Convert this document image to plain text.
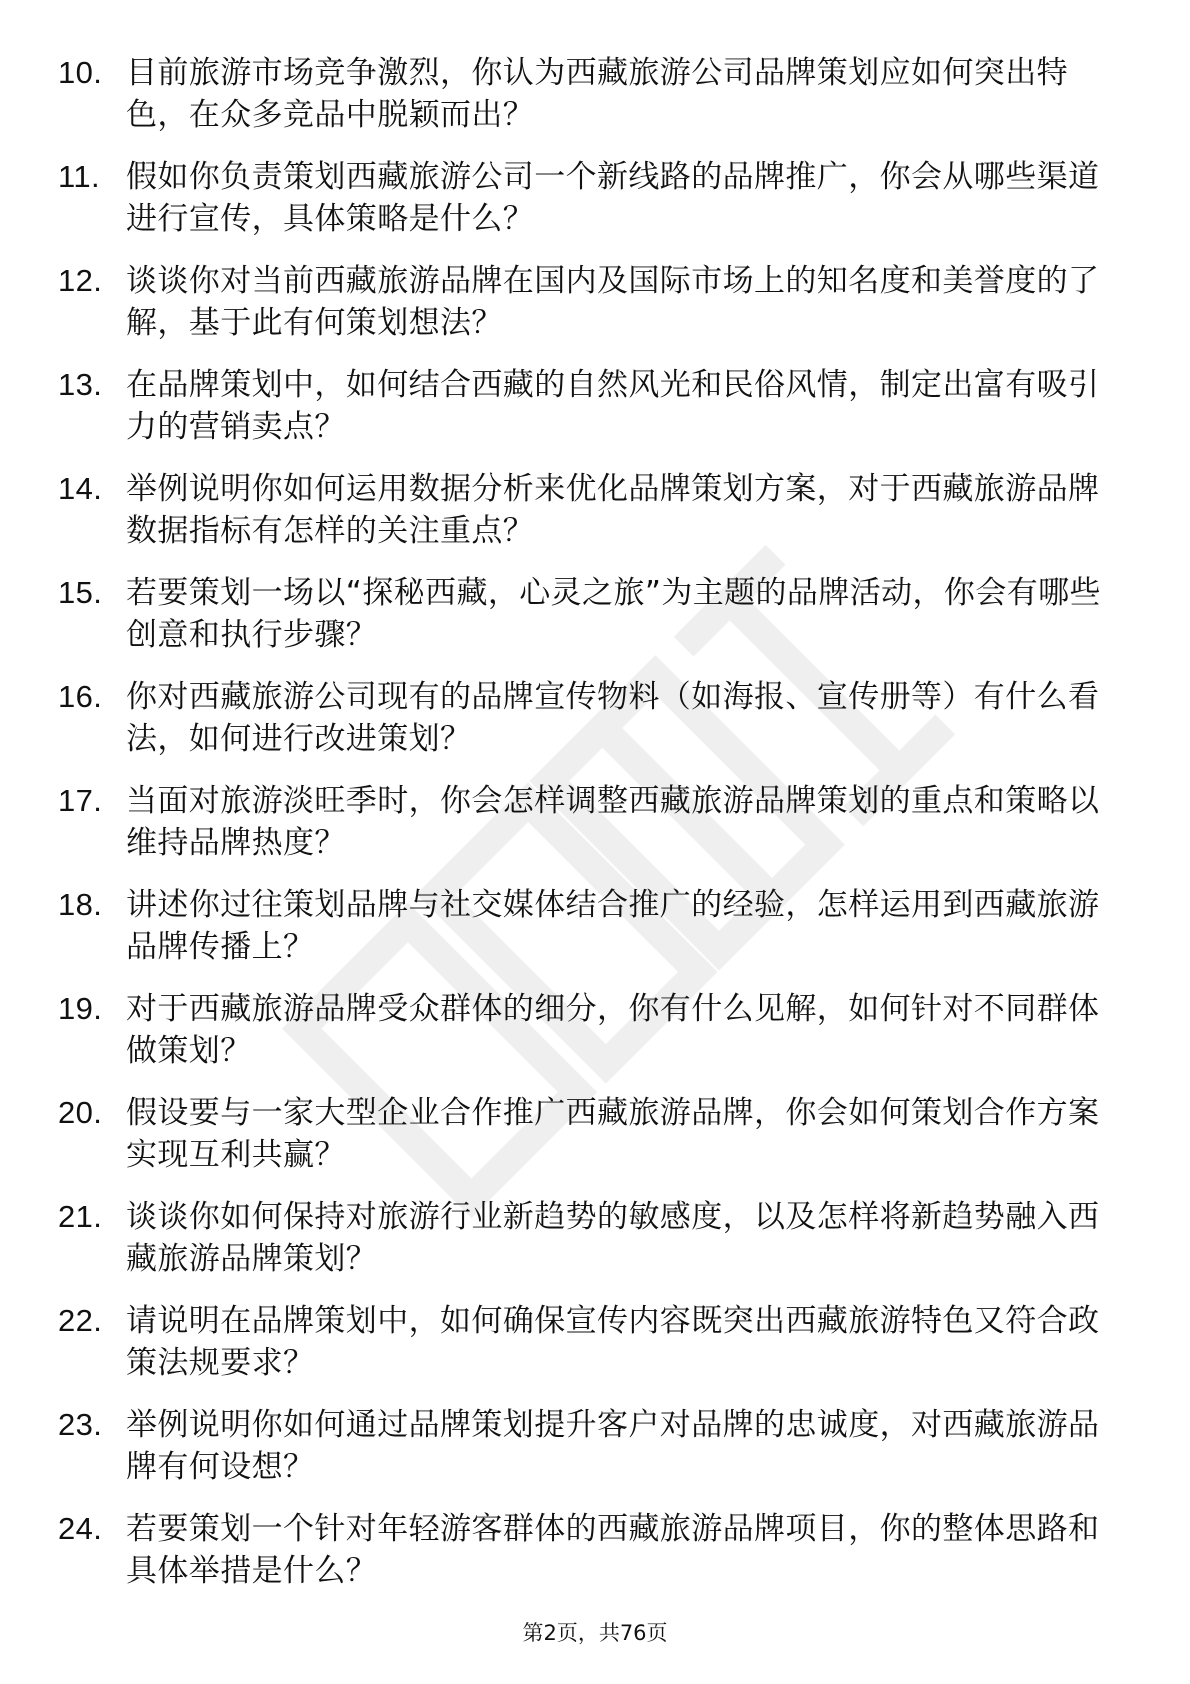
10. 目前旅游市场竞争激烈，你认为西藏旅游公司品牌策划应如何突出特色，在众多竞品中脱颖而出？
11. 假如你负责策划西藏旅游公司一个新线路的品牌推广，你会从哪些渠道进行宣传，具体策略是什么？
12. 谈谈你对当前西藏旅游品牌在国内及国际市场上的知名度和美誉度的了解，基于此有何策划想法？
13. 在品牌策划中，如何结合西藏的自然风光和民俗风情，制定出富有吸引力的营销卖点？
14. 举例说明你如何运用数据分析来优化品牌策划方案，对于西藏旅游品牌数据指标有怎样的关注重点？
15. 若要策划一场以“探秘西藏，心灵之旅”为主题的品牌活动，你会有哪些创意和执行步骤？
16. 你对西藏旅游公司现有的品牌宣传物料（如海报、宣传册等）有什么看法，如何进行改进策划？
17. 当面对旅游淡旺季时，你会怎样调整西藏旅游品牌策划的重点和策略以维持品牌热度？
18. 讲述你过往策划品牌与社交媒体结合推广的经验，怎样运用到西藏旅游品牌传播上？
19. 对于西藏旅游品牌受众群体的细分，你有什么见解，如何针对不同群体做策划？
20. 假设要与一家大型企业合作推广西藏旅游品牌，你会如何策划合作方案实现互利共赢？
21. 谈谈你如何保持对旅游行业新趋势的敏感度，以及怎样将新趋势融入西藏旅游品牌策划？
22. 请说明在品牌策划中，如何确保宣传内容既突出西藏旅游特色又符合政策法规要求？
23. 举例说明你如何通过品牌策划提升客户对品牌的忠诚度，对西藏旅游品牌有何设想？
24. 若要策划一个针对年轻游客群体的西藏旅游品牌项目，你的整体思路和具体举措是什么？
第2页，共76页
